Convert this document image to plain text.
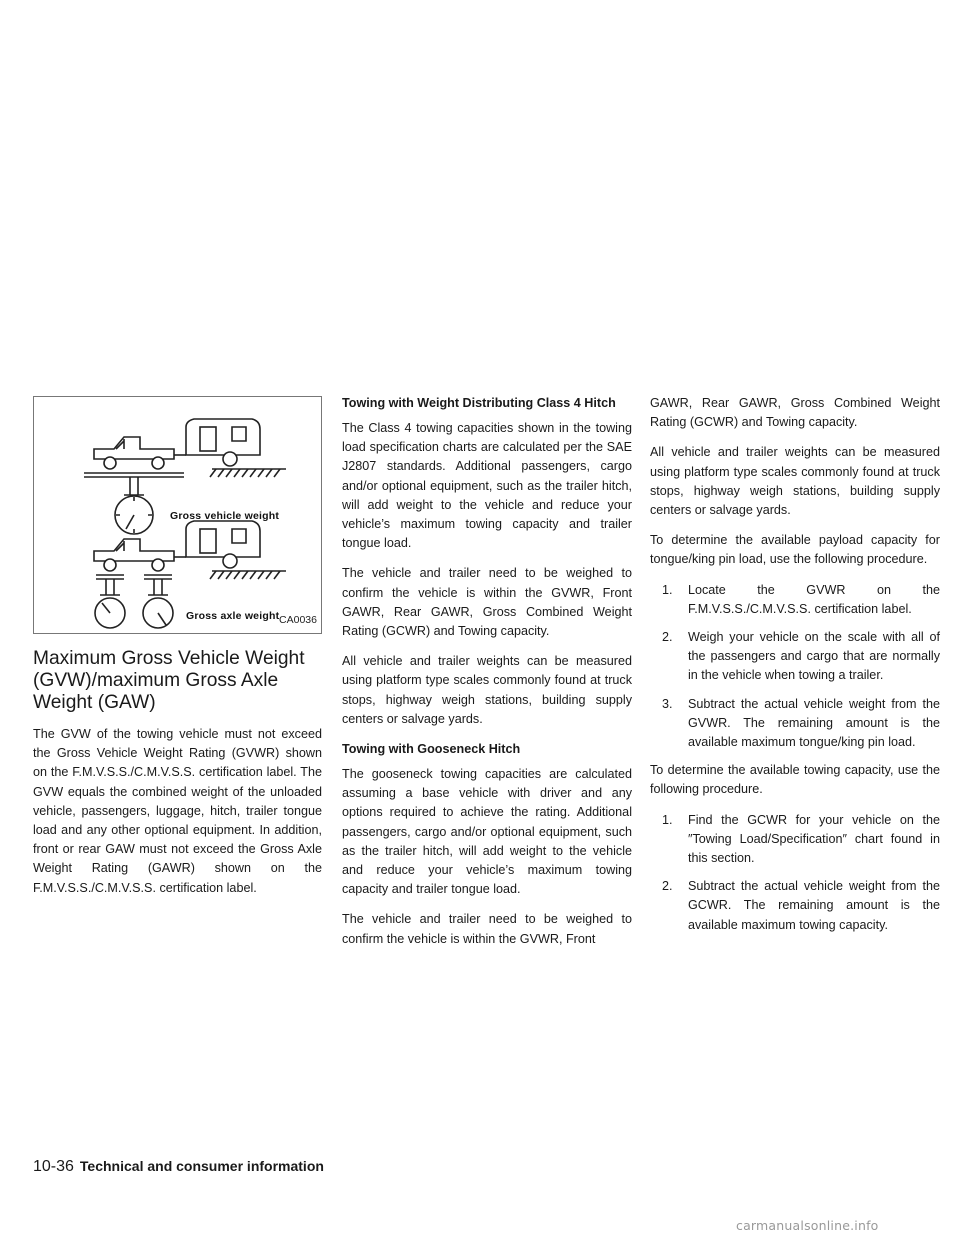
Gross vehicle weight
Gross axle weight CA0036
Maximum Gross Vehicle Weight (GVW)/maximum Gross Axle Weight (GAW)

The GVW of the towing vehicle must not exceed the Gross Vehicle Weight Rating (GVWR) shown on the F.M.V.S.S./C.M.V.S.S. certification label. The GVW equals the combined weight of the unloaded vehicle, passengers, luggage, hitch, trailer tongue load and any other optional equipment. In addition, front or rear GAW must not exceed the Gross Axle Weight Rating (GAWR) shown on the F.M.V.S.S./C.M.V.S.S. certification label.

Towing with Weight Distributing Class 4 Hitch

The Class 4 towing capacities shown in the towing load specification charts are calculated per the SAE J2807 standards. Additional passengers, cargo and/or optional equipment, such as the trailer hitch, will add weight to the vehicle and reduce your vehicle’s maximum towing capacity and trailer tongue load.

The vehicle and trailer need to be weighed to confirm the vehicle is within the GVWR, Front GAWR, Rear GAWR, Gross Combined Weight Rating (GCWR) and Towing capacity.

All vehicle and trailer weights can be measured using platform type scales commonly found at truck stops, highway weigh stations, building supply centers or salvage yards.

Towing with Gooseneck Hitch

The gooseneck towing capacities are calculated assuming a base vehicle with driver and any options required to achieve the rating. Additional passengers, cargo and/or optional equipment, such as the trailer hitch, will add weight to the vehicle and reduce your vehicle’s maximum towing capacity and trailer tongue load.

The vehicle and trailer need to be weighed to confirm the vehicle is within the GVWR, Front

GAWR, Rear GAWR, Gross Combined Weight Rating (GCWR) and Towing capacity.

All vehicle and trailer weights can be measured using platform type scales commonly found at truck stops, highway weigh stations, building supply centers or salvage yards.

To determine the available payload capacity for tongue/king pin load, use the following procedure.

1. Locate the GVWR on the F.M.V.S.S./C.M.V.S.S. certification label.
2. Weigh your vehicle on the scale with all of the passengers and cargo that are normally in the vehicle when towing a trailer.
3. Subtract the actual vehicle weight from the GVWR. The remaining amount is the available maximum tongue/king pin load.

To determine the available towing capacity, use the following procedure.

1. Find the GCWR for your vehicle on the ″Towing Load/Specification″ chart found in this section.
2. Subtract the actual vehicle weight from the GCWR. The remaining amount is the available maximum towing capacity.
10-36 Technical and consumer information
carmanualsonline.info
